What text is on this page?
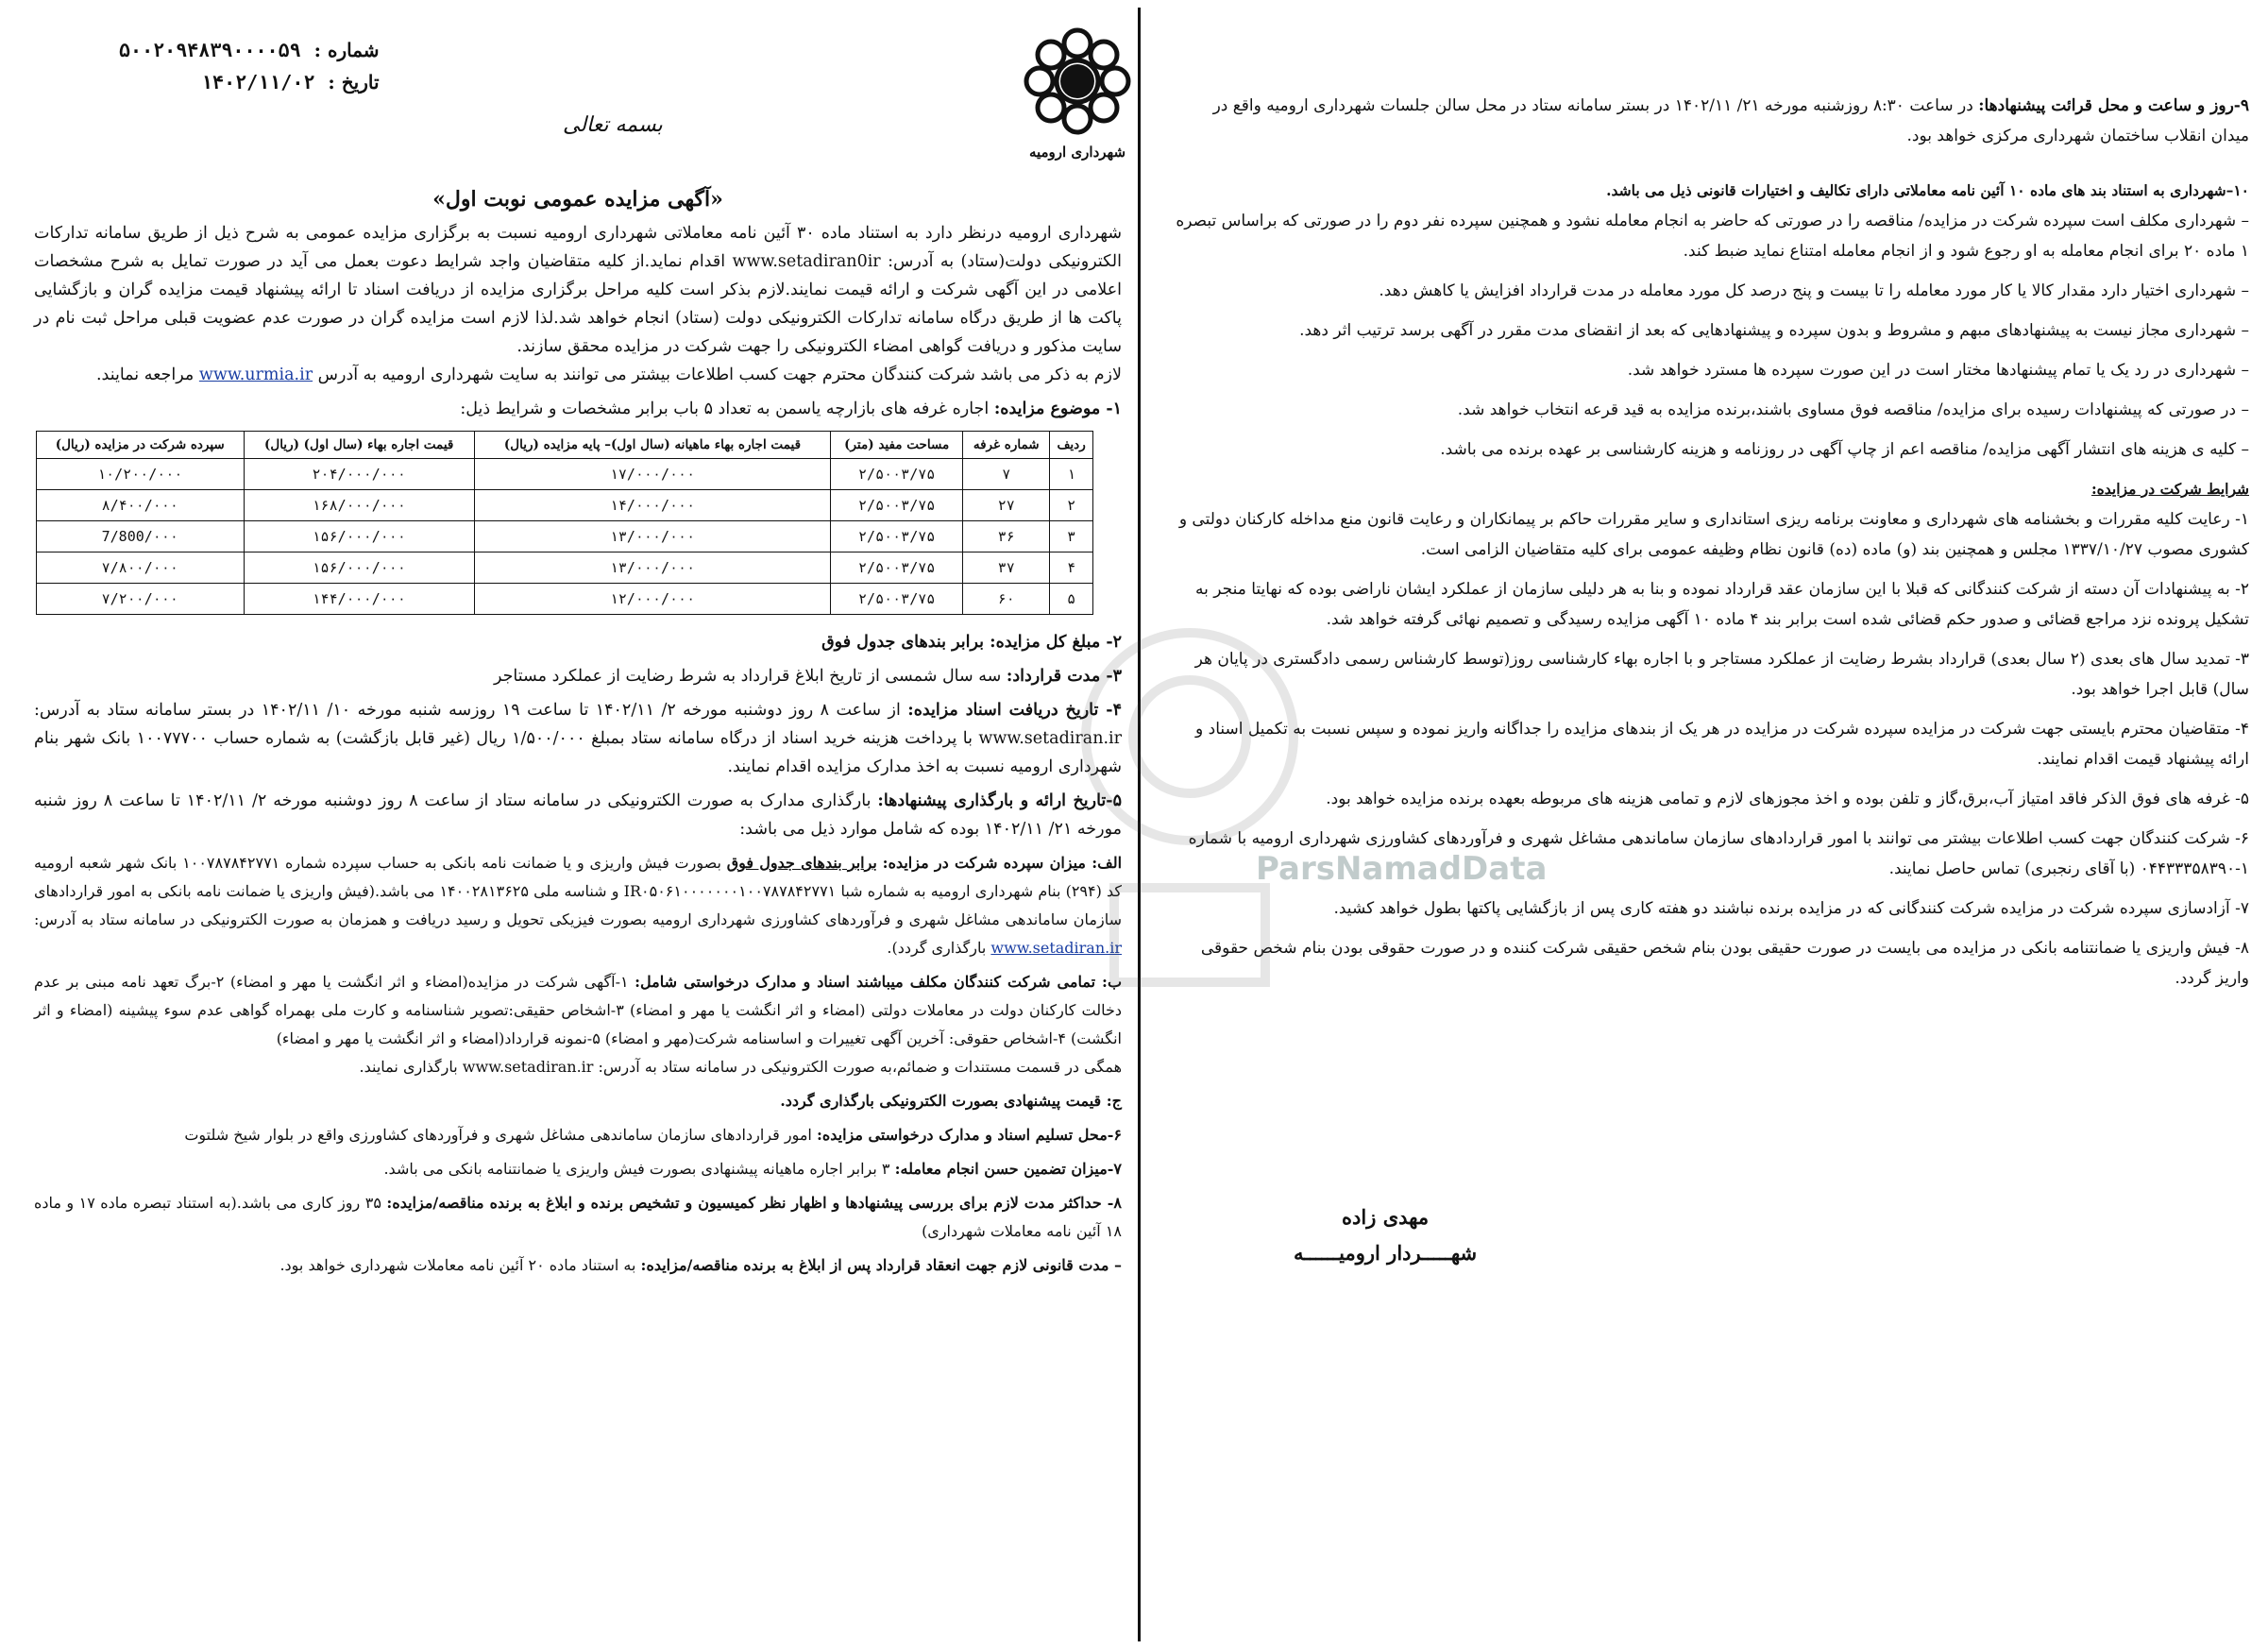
شماره :
۵۰۰۲۰۹۴۸۳۹۰۰۰۰۵۹
تاریخ :
۱۴۰۲/۱۱/۰۲
بسمه تعالی
شهرداری ارومیه
«آگهی مزایده عمومی نوبت اول»

شهرداری ارومیه درنظر دارد به استناد ماده ۳۰ آئین نامه معاملاتی شهرداری ارومیه نسبت به برگزاری مزایده عمومی به شرح ذیل از طریق سامانه تدارکات الکترونیکی دولت(ستاد) به آدرس: www.setadiran0ir اقدام نماید.از کلیه متقاضیان واجد شرایط دعوت بعمل می آید در صورت تمایل به شرح مشخصات اعلامی در این آگهی شرکت و ارائه قیمت نمایند.لازم بذکر است کلیه مراحل برگزاری مزایده از دریافت اسناد تا ارائه پیشنهاد قیمت مزایده گران و بازگشایی پاکت ها از طریق درگاه سامانه تدارکات الکترونیکی دولت (ستاد) انجام خواهد شد.لذا لازم است مزایده گران در صورت عدم عضویت قبلی مراحل ثبت نام در سایت مذکور و دریافت گواهی امضاء الکترونیکی را جهت شرکت در مزایده محقق سازند.

لازم به ذکر می باشد شرکت کنندگان محترم جهت کسب اطلاعات بیشتر می توانند به سایت شهرداری ارومیه به آدرس www.urmia.ir مراجعه نمایند.

۱- موضوع مزایده: اجاره غرفه های بازارچه یاسمن به تعداد ۵ باب برابر مشخصات و شرایط ذیل:

ردیف	شماره غرفه	مساحت مفید (متر)	قیمت اجاره بهاء ماهیانه (سال اول)– پایه مزایده (ریال)	قیمت اجاره بهاء (سال اول) (ریال)	سپرده شرکت در مزایده (ریال)
۱	۷	۲/۵۰۰۳/۷۵	۱۷/۰۰۰/۰۰۰	۲۰۴/۰۰۰/۰۰۰	۱۰/۲۰۰/۰۰۰
۲	۲۷	۲/۵۰۰۳/۷۵	۱۴/۰۰۰/۰۰۰	۱۶۸/۰۰۰/۰۰۰	۸/۴۰۰/۰۰۰
۳	۳۶	۲/۵۰۰۳/۷۵	۱۳/۰۰۰/۰۰۰	۱۵۶/۰۰۰/۰۰۰	7/800/۰۰۰
۴	۳۷	۲/۵۰۰۳/۷۵	۱۳/۰۰۰/۰۰۰	۱۵۶/۰۰۰/۰۰۰	۷/۸۰۰/۰۰۰
۵	۶۰	۲/۵۰۰۳/۷۵	۱۲/۰۰۰/۰۰۰	۱۴۴/۰۰۰/۰۰۰	۷/۲۰۰/۰۰۰

۲- مبلغ کل مزایده: برابر بندهای جدول فوق

۳- مدت قرارداد: سه سال شمسی از تاریخ ابلاغ قرارداد به شرط رضایت از عملکرد مستاجر

۴- تاریخ دریافت اسناد مزایده: از ساعت ۸ روز دوشنبه مورخه ۲/ ۱۴۰۲/۱۱ تا ساعت ۱۹ روزسه شنبه مورخه ۱۰/ ۱۴۰۲/۱۱ در بستر سامانه ستاد به آدرس: www.setadiran.ir با پرداخت هزینه خرید اسناد از درگاه سامانه ستاد بمبلغ ۱/۵۰۰/۰۰۰ ریال (غیر قابل بازگشت) به شماره حساب ۱۰۰۷۷۷۰۰ بانک شهر بنام شهرداری ارومیه نسبت به اخذ مدارک مزایده اقدام نمایند.

۵-تاریخ ارائه و بارگذاری پیشنهادها: بارگذاری مدارک به صورت الکترونیکی در سامانه ستاد از ساعت ۸ روز دوشنبه مورخه ۲/ ۱۴۰۲/۱۱ تا ساعت ۸ روز شنبه مورخه ۲۱/ ۱۴۰۲/۱۱ بوده که شامل موارد ذیل می باشد:

الف: میزان سپرده شرکت در مزایده: برابر بندهای جدول فوق بصورت فیش واریزی و یا ضمانت نامه بانکی به حساب سپرده شماره ۱۰۰۷۸۷۸۴۲۷۷۱ بانک شهر شعبه ارومیه کد (۲۹۴) بنام شهرداری ارومیه به شماره شبا IR۰۵۰۶۱۰۰۰۰۰۰۰۱۰۰۷۸۷۸۴۲۷۷۱ و شناسه ملی ۱۴۰۰۲۸۱۳۶۲۵ می باشد.(فیش واریزی یا ضمانت نامه بانکی به امور قراردادهای سازمان ساماندهی مشاغل شهری و فرآوردهای کشاورزی شهرداری ارومیه بصورت فیزیکی تحویل و رسید دریافت و همزمان به صورت الکترونیکی در سامانه ستاد به آدرس: www.setadiran.ir بارگذاری گردد).

ب: تمامی شرکت کنندگان مکلف میباشند اسناد و مدارک درخواستی شامل: ۱-آگهی شرکت در مزایده(امضاء و اثر انگشت یا مهر و امضاء) ۲-برگ تعهد نامه مبنی بر عدم دخالت کارکنان دولت در معاملات دولتی (امضاء و اثر انگشت یا مهر و امضاء) ۳-اشخاص حقیقی:تصویر شناسنامه و کارت ملی بهمراه گواهی عدم سوء پیشینه (امضاء و اثر انگشت) ۴-اشخاص حقوقی: آخرین آگهی تغییرات و اساسنامه شرکت(مهر و امضاء) ۵-نمونه قرارداد(امضاء و اثر انگشت یا مهر و امضاء)

همگی در قسمت مستندات و ضمائم،به صورت الکترونیکی در سامانه ستاد به آدرس: www.setadiran.ir بارگذاری نمایند.

ج: قیمت پیشنهادی بصورت الکترونیکی بارگذاری گردد.

۶-محل تسلیم اسناد و مدارک درخواستی مزایده: امور قراردادهای سازمان ساماندهی مشاغل شهری و فرآوردهای کشاورزی واقع در بلوار شیخ شلتوت

۷-میزان تضمین حسن انجام معامله: ۳ برابر اجاره ماهیانه پیشنهادی بصورت فیش واریزی یا ضمانتنامه بانکی می باشد.

۸- حداکثر مدت لازم برای بررسی پیشنهادها و اظهار نظر کمیسیون و تشخیص برنده و ابلاغ به برنده مناقصه/مزایده: ۳۵ روز کاری می باشد.(به استناد تبصره ماده ۱۷ و ماده ۱۸ آئین نامه معاملات شهرداری)

– مدت قانونی لازم جهت انعقاد قرارداد پس از ابلاغ به برنده مناقصه/مزایده: به استناد ماده ۲۰ آئین نامه معاملات شهرداری خواهد بود.

۹-روز و ساعت و محل قرائت پیشنهادها: در ساعت ۸:۳۰ روزشنبه مورخه ۲۱/ ۱۴۰۲/۱۱ در بستر سامانه ستاد در محل سالن جلسات شهرداری ارومیه واقع در میدان انقلاب ساختمان شهرداری مرکزی خواهد بود.

۱۰–شهرداری به استناد بند های ماده ۱۰ آئین نامه معاملاتی دارای تکالیف و اختیارات قانونی ذیل می باشد.

– شهرداری مکلف است سپرده شرکت در مزایده/ مناقصه را در صورتی که حاضر به انجام معامله نشود و همچنین سپرده نفر دوم را در صورتی که براساس تبصره ۱ ماده ۲۰ برای انجام معامله به او رجوع شود و از انجام معامله امتناع نماید ضبط کند.

– شهرداری اختیار دارد مقدار کالا یا کار مورد معامله را تا بیست و پنج درصد کل مورد معامله در مدت قرارداد افزایش یا کاهش دهد.

– شهرداری مجاز نیست به پیشنهادهای مبهم و مشروط و بدون سپرده و پیشنهادهایی که بعد از انقضای مدت مقرر در آگهی برسد ترتیب اثر دهد.

– شهرداری در رد یک یا تمام پیشنهادها مختار است در این صورت سپرده ها مسترد خواهد شد.

– در صورتی که پیشنهادات رسیده برای مزایده/ مناقصه فوق مساوی باشند،برنده مزایده به قید قرعه انتخاب خواهد شد.

– کلیه ی هزینه های انتشار آگهی مزایده/ مناقصه اعم از چاپ آگهی در روزنامه و هزینه کارشناسی بر عهده برنده می باشد.

شرایط شرکت در مزایده:

۱- رعایت کلیه مقررات و بخشنامه های شهرداری و معاونت برنامه ریزی استانداری و سایر مقررات حاکم بر پیمانکاران و رعایت قانون منع مداخله کارکنان دولتی و کشوری مصوب ۱۳۳۷/۱۰/۲۷ مجلس و همچنین بند (و) ماده (ده) قانون نظام وظیفه عمومی برای کلیه متقاضیان الزامی است.

۲- به پیشنهادات آن دسته از شرکت کنندگانی که قبلا با این سازمان عقد قرارداد نموده و بنا به هر دلیلی سازمان از عملکرد ایشان ناراضی بوده که نهایتا منجر به تشکیل پرونده نزد مراجع قضائی و صدور حکم قضائی شده است برابر بند ۴ ماده ۱۰ آگهی مزایده رسیدگی و تصمیم نهائی گرفته خواهد شد.

۳- تمدید سال های بعدی (۲ سال بعدی) قرارداد بشرط رضایت از عملکرد مستاجر و با اجاره بهاء کارشناسی روز(توسط کارشناس رسمی دادگستری در پایان هر سال) قابل اجرا خواهد بود.

۴- متقاضیان محترم بایستی جهت شرکت در مزایده سپرده شرکت در مزایده در هر یک از بندهای مزایده را جداگانه واریز نموده و سپس نسبت به تکمیل اسناد و ارائه پیشنهاد قیمت اقدام نمایند.

۵- غرفه های فوق الذکر فاقد امتیاز آب،برق،گاز و تلفن بوده و اخذ مجوزهای لازم و تمامی هزینه های مربوطه بعهده برنده مزایده خواهد بود.

۶- شرکت کنندگان جهت کسب اطلاعات بیشتر می توانند با امور قراردادهای سازمان ساماندهی مشاغل شهری و فرآوردهای کشاورزی شهرداری ارومیه با شماره ۱-۰۴۴۳۳۳۵۸۳۹۰ (با آقای رنجبری) تماس حاصل نمایند.

۷- آزادسازی سپرده شرکت در مزایده شرکت کنندگانی که در مزایده برنده نباشند دو هفته کاری پس از بازگشایی پاکتها بطول خواهد کشید.

۸- فیش واریزی یا ضمانتنامه بانکی در مزایده می بایست در صورت حقیقی بودن بنام شخص حقیقی شرکت کننده و در صورت حقوقی بودن بنام شخص حقوقی واریز گردد.

مهدی زاده
شهـــــردار ارومیــــــه
ParsNamadData
